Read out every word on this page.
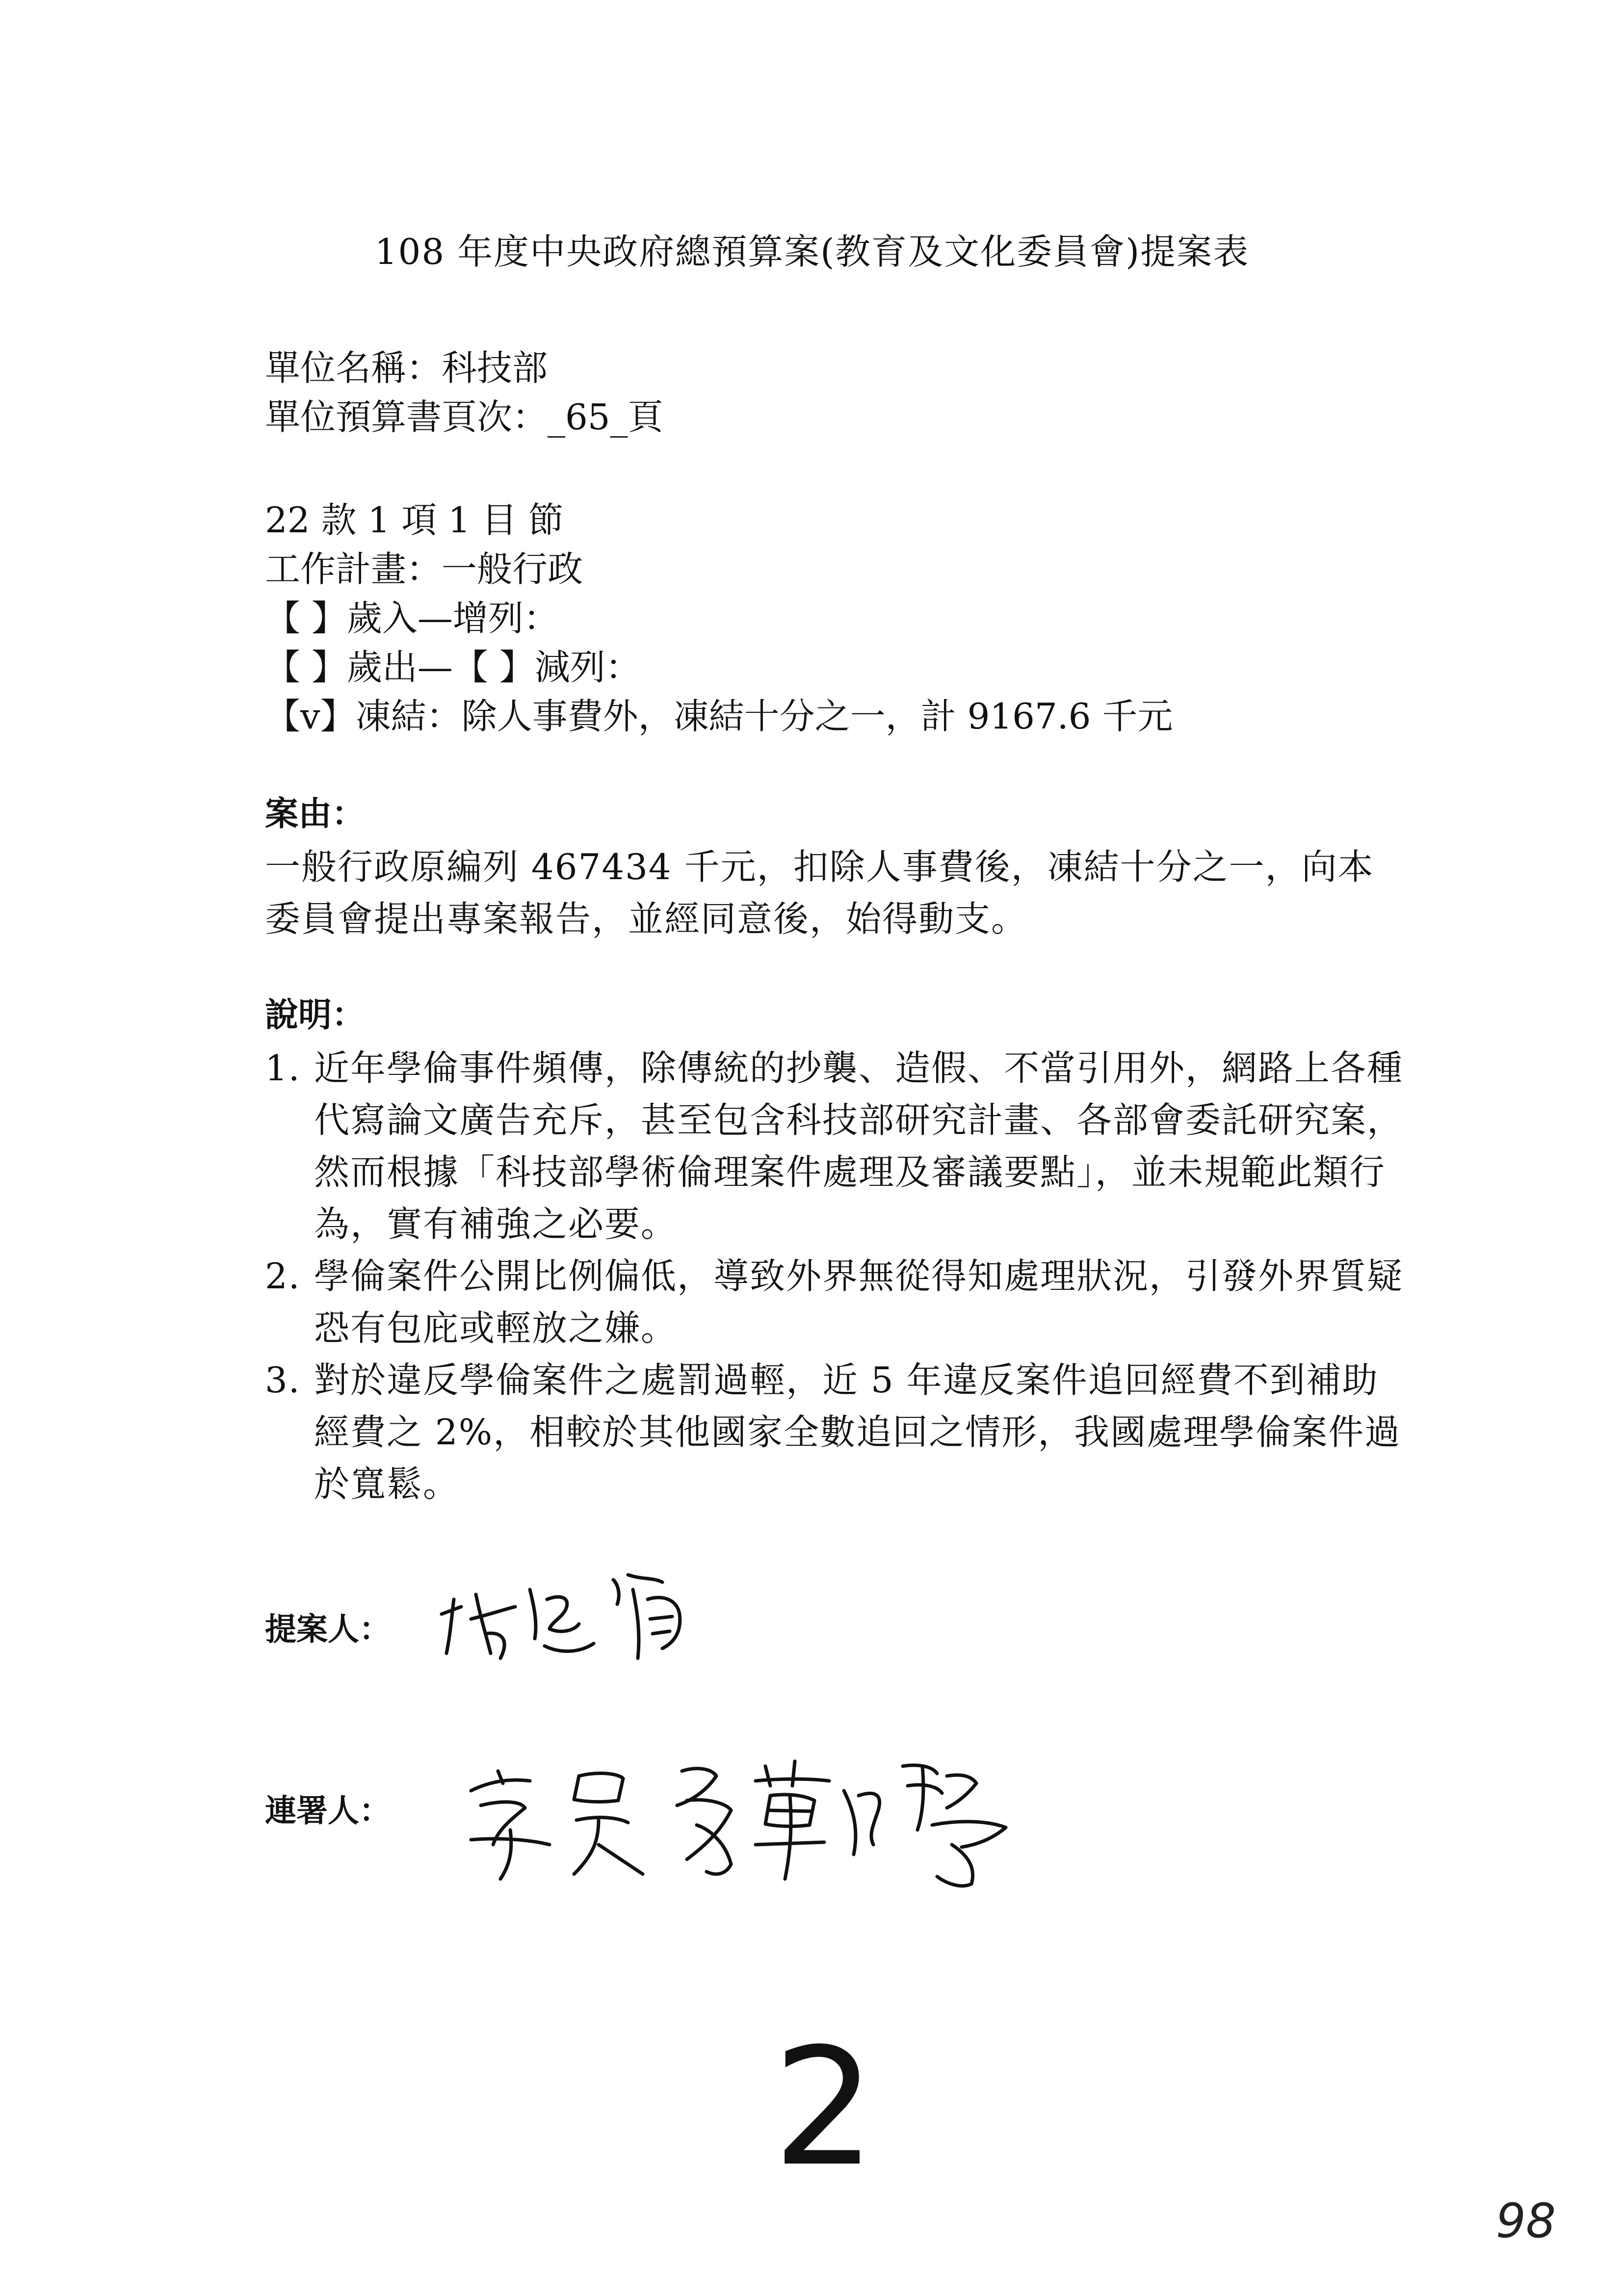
108 年度中央政府總預算案(教育及文化委員會)提案表
單位名稱：科技部
單位預算書頁次：_65_頁
22 款 1 項 1 目 節
工作計畫：一般行政
【 】歲入—增列：
【 】歲出—【 】減列：
【v】凍結：除人事費外，凍結十分之一，計 9167.6 千元
案由：
一般行政原編列 467434 千元，扣除人事費後，凍結十分之一，向本委員會提出專案報告，並經同意後，始得動支。
說明：
1. 近年學倫事件頻傳，除傳統的抄襲、造假、不當引用外，網路上各種代寫論文廣告充斥，甚至包含科技部研究計畫、各部會委託研究案，然而根據「科技部學術倫理案件處理及審議要點」，並未規範此類行為，實有補強之必要。
2. 學倫案件公開比例偏低，導致外界無從得知處理狀況，引發外界質疑恐有包庇或輕放之嫌。
3. 對於違反學倫案件之處罰過輕，近 5 年違反案件追回經費不到補助經費之 2%，相較於其他國家全數追回之情形，我國處理學倫案件過於寬鬆。
提案人：
連署人：
2
98
